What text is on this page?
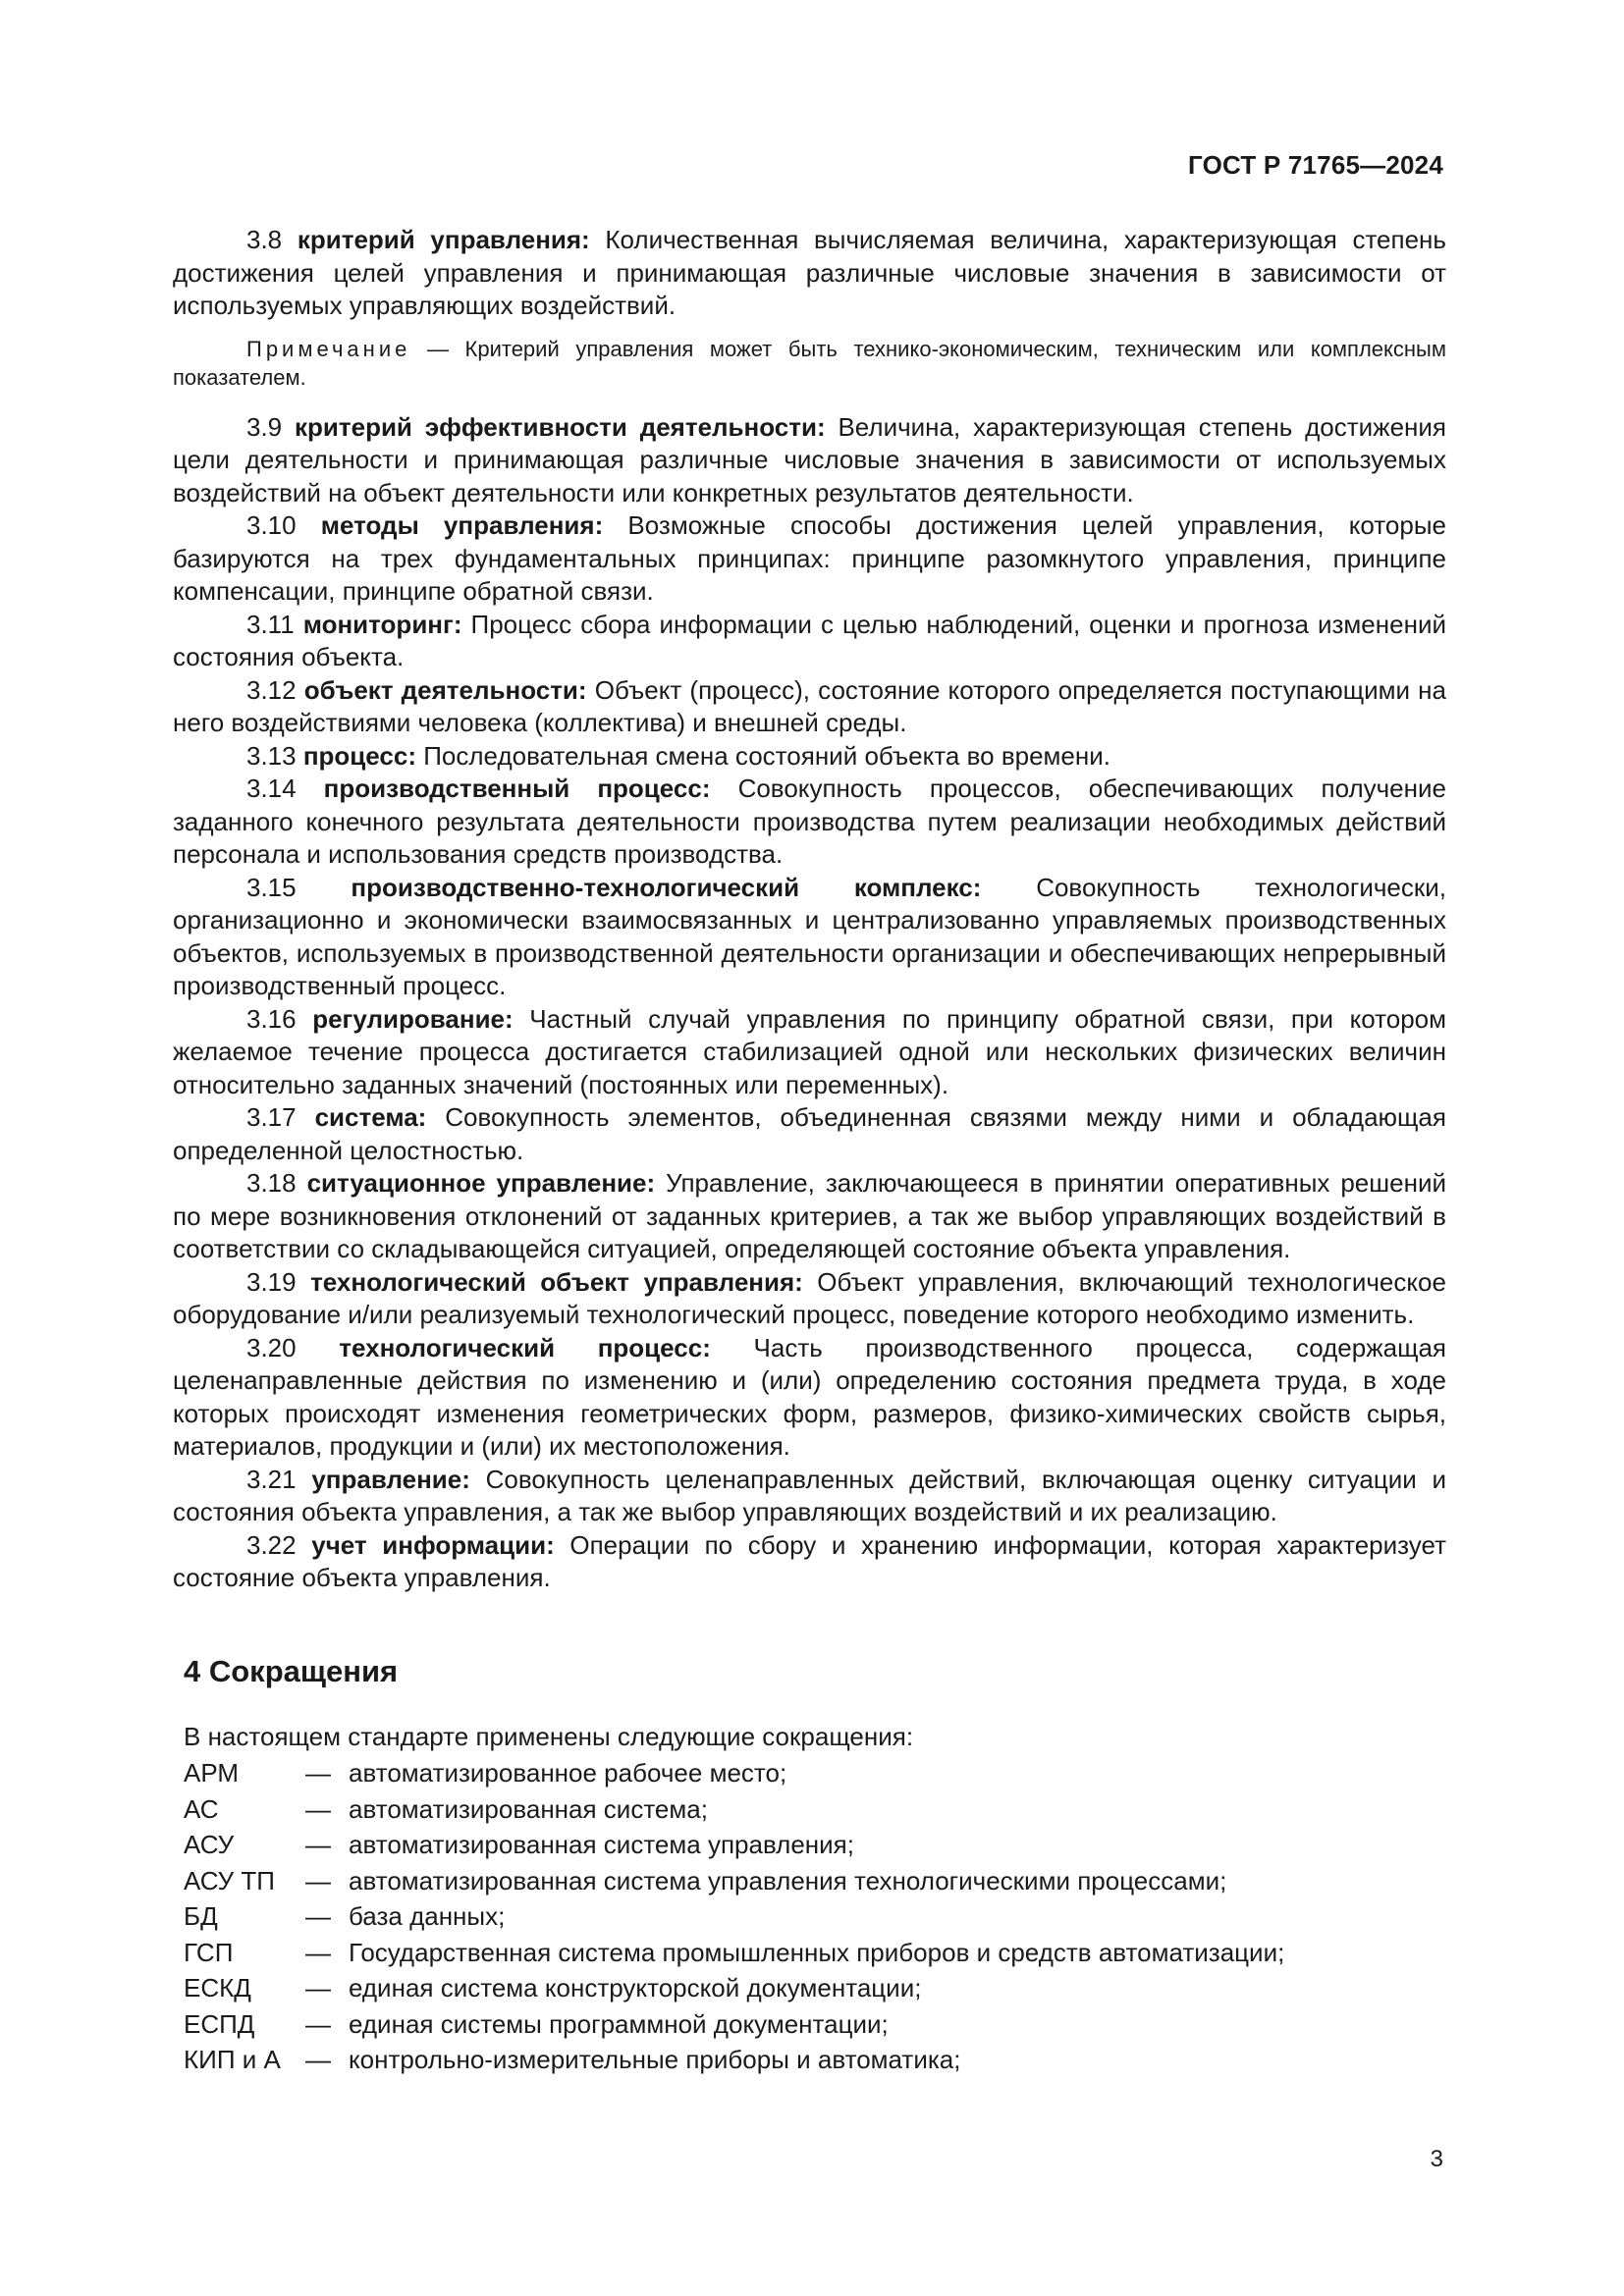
ГОСТ Р 71765—2024

3.8 критерий управления: Количественная вычисляемая величина, характеризующая степень достижения целей управления и принимающая различные числовые значения в зависимости от используемых управляющих воздействий.

Примечание — Критерий управления может быть технико-экономическим, техническим или комплексным показателем.

3.9 критерий эффективности деятельности: Величина, характеризующая степень достижения цели деятельности и принимающая различные числовые значения в зависимости от используемых воздействий на объект деятельности или конкретных результатов деятельности.

3.10 методы управления: Возможные способы достижения целей управления, которые базируются на трех фундаментальных принципах: принципе разомкнутого управления, принципе компенсации, принципе обратной связи.

3.11 мониторинг: Процесс сбора информации с целью наблюдений, оценки и прогноза изменений состояния объекта.

3.12 объект деятельности: Объект (процесс), состояние которого определяется поступающими на него воздействиями человека (коллектива) и внешней среды.

3.13 процесс: Последовательная смена состояний объекта во времени.

3.14 производственный процесс: Совокупность процессов, обеспечивающих получение заданного конечного результата деятельности производства путем реализации необходимых действий персонала и использования средств производства.

3.15 производственно-технологический комплекс: Совокупность технологически, организационно и экономически взаимосвязанных и централизованно управляемых производственных объектов, используемых в производственной деятельности организации и обеспечивающих непрерывный производственный процесс.

3.16 регулирование: Частный случай управления по принципу обратной связи, при котором желаемое течение процесса достигается стабилизацией одной или нескольких физических величин относительно заданных значений (постоянных или переменных).

3.17 система: Совокупность элементов, объединенная связями между ними и обладающая определенной целостностью.

3.18 ситуационное управление: Управление, заключающееся в принятии оперативных решений по мере возникновения отклонений от заданных критериев, а так же выбор управляющих воздействий в соответствии со складывающейся ситуацией, определяющей состояние объекта управления.

3.19 технологический объект управления: Объект управления, включающий технологическое оборудование и/или реализуемый технологический процесс, поведение которого необходимо изменить.

3.20 технологический процесс: Часть производственного процесса, содержащая целенаправленные действия по изменению и (или) определению состояния предмета труда, в ходе которых происходят изменения геометрических форм, размеров, физико-химических свойств сырья, материалов, продукции и (или) их местоположения.

3.21 управление: Совокупность целенаправленных действий, включающая оценку ситуации и состояния объекта управления, а так же выбор управляющих воздействий и их реализацию.

3.22 учет информации: Операции по сбору и хранению информации, которая характеризует состояние объекта управления.

4 Сокращения
В настоящем стандарте применены следующие сокращения:
АРМ	— автоматизированное рабочее место;
АС	— автоматизированная система;
АСУ	— автоматизированная система управления;
АСУ ТП	— автоматизированная система управления технологическими процессами;
БД	— база данных;
ГСП	— Государственная система промышленных приборов и средств автоматизации;
ЕСКД	— единая система конструкторской документации;
ЕСПД	— единая системы программной документации;
КИП и А — контрольно-измерительные приборы и автоматика;
3
